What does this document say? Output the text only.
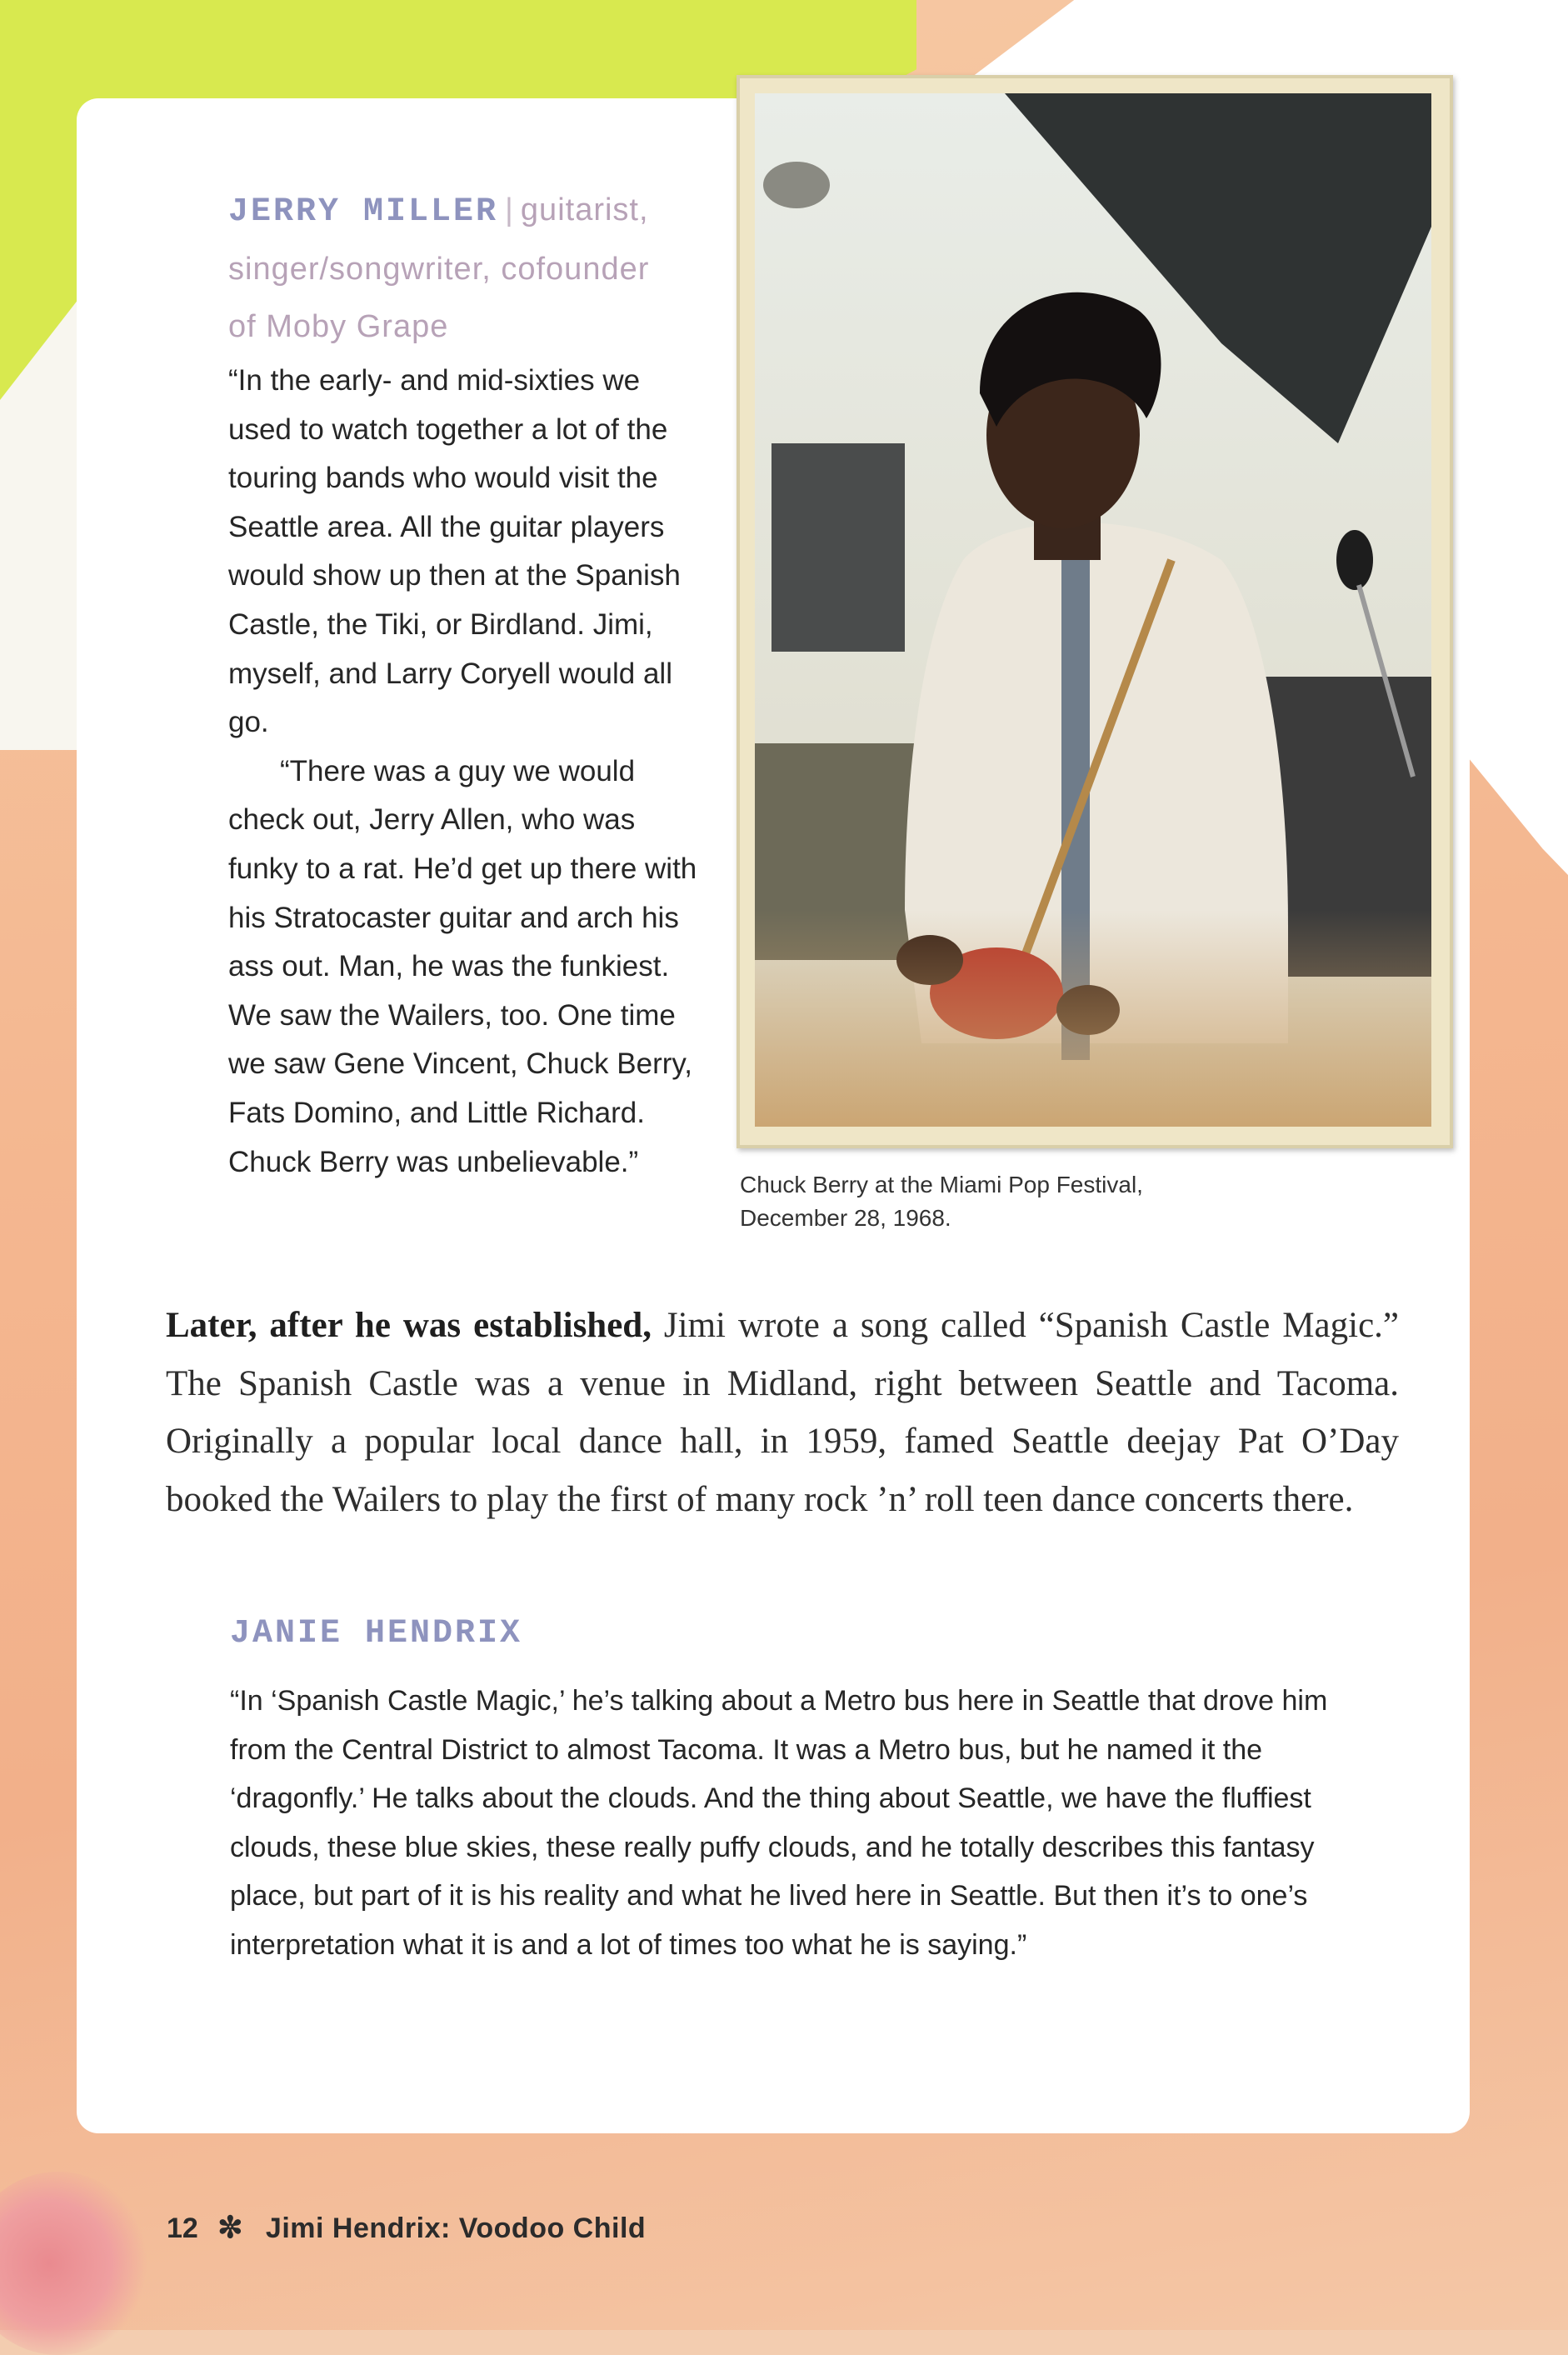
JERRY MILLER | guitarist,
singer/songwriter, cofounder
of Moby Grape

“In the early- and mid-sixties we used to watch together a lot of the touring bands who would visit the Seattle area. All the guitar players would show up then at the Spanish Castle, the Tiki, or Birdland. Jimi, myself, and Larry Coryell would all go.

“There was a guy we would check out, Jerry Allen, who was funky to a rat. He’d get up there with his Stratocaster guitar and arch his ass out. Man, he was the funkiest. We saw the Wailers, too. One time we saw Gene Vincent, Chuck Berry, Fats Domino, and Little Richard. Chuck Berry was unbelievable.”

Chuck Berry at the Miami Pop Festival,
December 28, 1968.
Later, after he was established, Jimi wrote a song called “Spanish Castle Magic.” The Spanish Castle was a venue in Midland, right between Seattle and Tacoma. Originally a popular local dance hall, in 1959, famed Seattle deejay Pat O’Day booked the Wailers to play the first of many rock ’n’ roll teen dance concerts there.
JANIE HENDRIX

“In ‘Spanish Castle Magic,’ he’s talking about a Metro bus here in Seattle that drove him from the Central District to almost Tacoma. It was a Metro bus, but he named it the ‘dragonfly.’ He talks about the clouds. And the thing about Seattle, we have the fluffiest clouds, these blue skies, these really puffy clouds, and he totally describes this fantasy place, but part of it is his reality and what he lived here in Seattle. But then it’s to one’s interpretation what it is and a lot of times too what he is saying.”

12 ✼ Jimi Hendrix: Voodoo Child
